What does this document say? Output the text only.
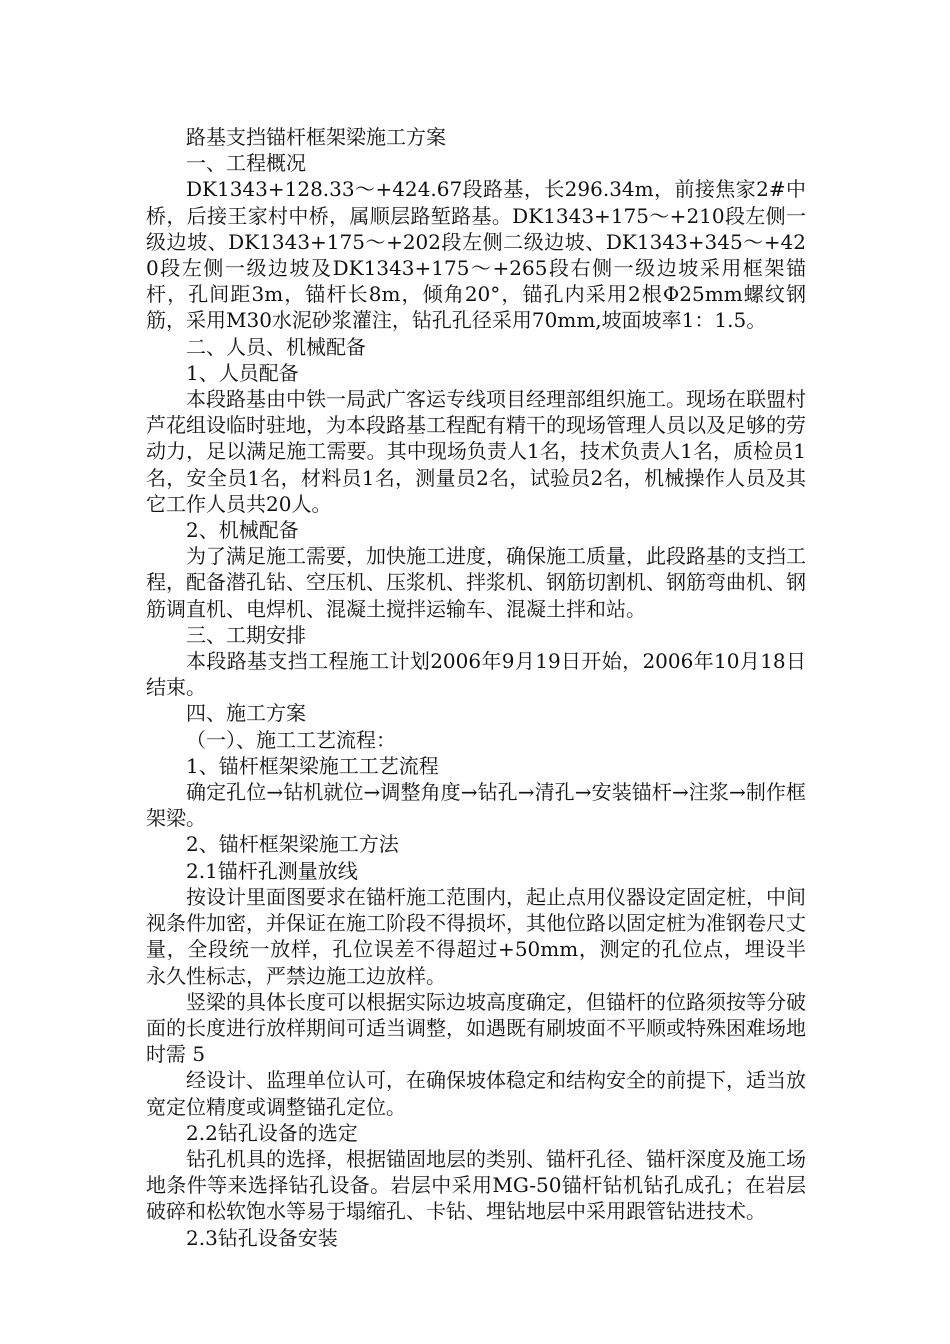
路基支挡锚杆框架梁施工方案

一、工程概况

DK1343+128.33～+424.67段路基，长296.34m，前接焦家2#中桥，后接王家村中桥，属顺层路堑路基。DK1343+175～+210段左侧一级边坡、DK1343+175～+202段左侧二级边坡、DK1343+345～+420段左侧一级边坡及DK1343+175～+265段右侧一级边坡采用框架锚杆，孔间距3m，锚杆长8m，倾角20°，锚孔内采用2根Φ25mm螺纹钢筋，采用M30水泥砂浆灌注，钻孔孔径采用70mm,坡面坡率1：1.5。

二、人员、机械配备

1、人员配备

本段路基由中铁一局武广客运专线项目经理部组织施工。现场在联盟村芦花组设临时驻地，为本段路基工程配有精干的现场管理人员以及足够的劳动力，足以满足施工需要。其中现场负责人1名，技术负责人1名，质检员1名，安全员1名，材料员1名，测量员2名，试验员2名，机械操作人员及其它工作人员共20人。

2、机械配备

为了满足施工需要，加快施工进度，确保施工质量，此段路基的支挡工程，配备潜孔钻、空压机、压浆机、拌浆机、钢筋切割机、钢筋弯曲机、钢筋调直机、电焊机、混凝土搅拌运输车、混凝土拌和站。

三、工期安排

本段路基支挡工程施工计划2006年9月19日开始，2006年10月18日结束。

四、施工方案

（一）、施工工艺流程：

1、锚杆框架梁施工工艺流程

确定孔位→钻机就位→调整角度→钻孔→清孔→安装锚杆→注浆→制作框架梁。

2、锚杆框架梁施工方法

2.1锚杆孔测量放线

按设计里面图要求在锚杆施工范围内，起止点用仪器设定固定桩，中间视条件加密，并保证在施工阶段不得损坏，其他位路以固定桩为准钢卷尺丈量，全段统一放样，孔位误差不得超过+50mm，测定的孔位点，埋设半永久性标志，严禁边施工边放样。

竖梁的具体长度可以根据实际边坡高度确定，但锚杆的位路须按等分破面的长度进行放样期间可适当调整，如遇既有刷坡面不平顺或特殊困难场地时需 5

经设计、监理单位认可，在确保坡体稳定和结构安全的前提下，适当放宽定位精度或调整锚孔定位。

2.2钻孔设备的选定

钻孔机具的选择，根据锚固地层的类别、锚杆孔径、锚杆深度及施工场地条件等来选择钻孔设备。岩层中采用MG-50锚杆钻机钻孔成孔；在岩层破碎和松软饱水等易于塌缩孔、卡钻、埋钻地层中采用跟管钻进技术。

2.3钻孔设备安装
